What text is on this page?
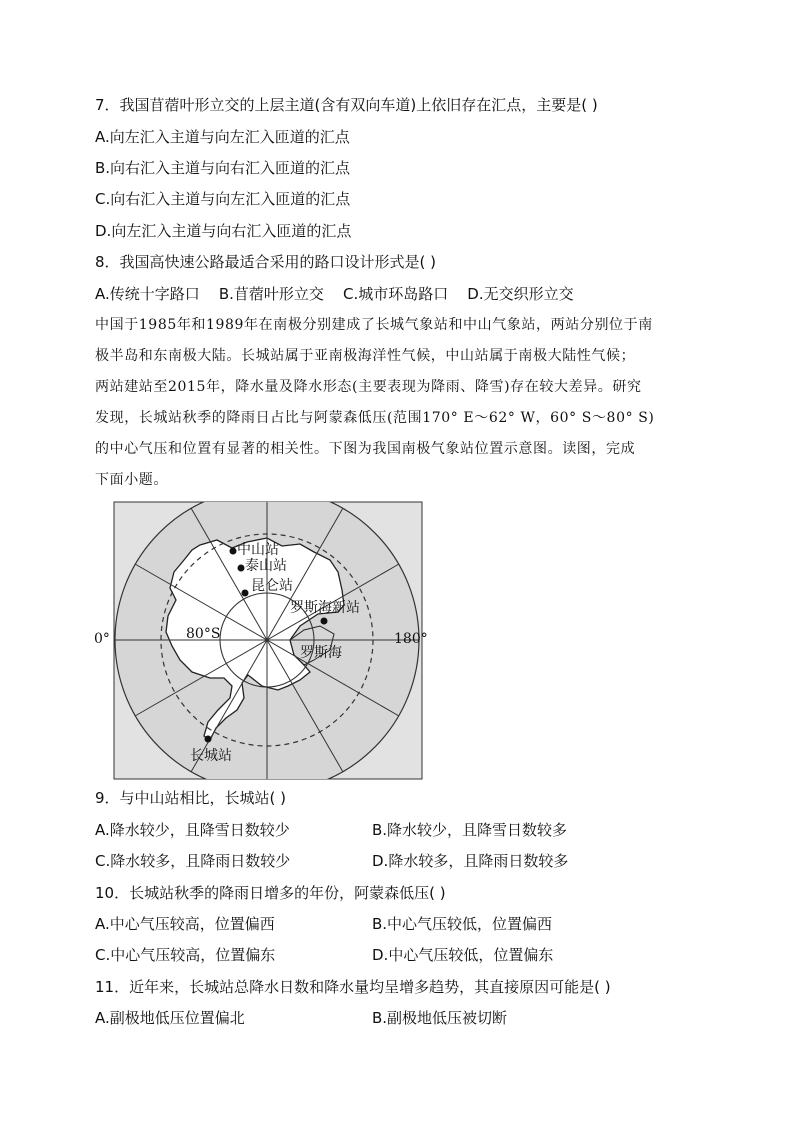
7．我国苜蓿叶形立交的上层主道(含有双向车道)上依旧存在汇点，主要是( )
A.向左汇入主道与向左汇入匝道的汇点
B.向右汇入主道与向右汇入匝道的汇点
C.向右汇入主道与向左汇入匝道的汇点
D.向左汇入主道与向右汇入匝道的汇点
8．我国高快速公路最适合采用的路口设计形式是( )
A.传统十字路口    B.苜蓿叶形立交    C.城市环岛路口    D.无交织形立交
中国于1985年和1989年在南极分别建成了长城气象站和中山气象站，两站分别位于南
极半岛和东南极大陆。长城站属于亚南极海洋性气候，中山站属于南极大陆性气候；
两站建站至2015年，降水量及降水形态(主要表现为降雨、降雪)存在较大差异。研究
发现，长城站秋季的降雨日占比与阿蒙森低压(范围170° E～62° W，60° S～80° S)
的中心气压和位置有显著的相关性。下图为我国南极气象站位置示意图。读图，完成
下面小题。
中山站
泰山站
昆仑站
罗斯海新站
80°S
0°	180°
罗斯海
长城站
9．与中山站相比，长城站( )
A.降水较少，且降雪日数较少	B.降水较少，且降雪日数较多
C.降水较多，且降雨日数较少	D.降水较多，且降雨日数较多
10．长城站秋季的降雨日增多的年份，阿蒙森低压( )
A.中心气压较高，位置偏西	B.中心气压较低，位置偏西
C.中心气压较高，位置偏东	D.中心气压较低，位置偏东
11．近年来，长城站总降水日数和降水量均呈增多趋势，其直接原因可能是( )
A.副极地低压位置偏北	B.副极地低压被切断
